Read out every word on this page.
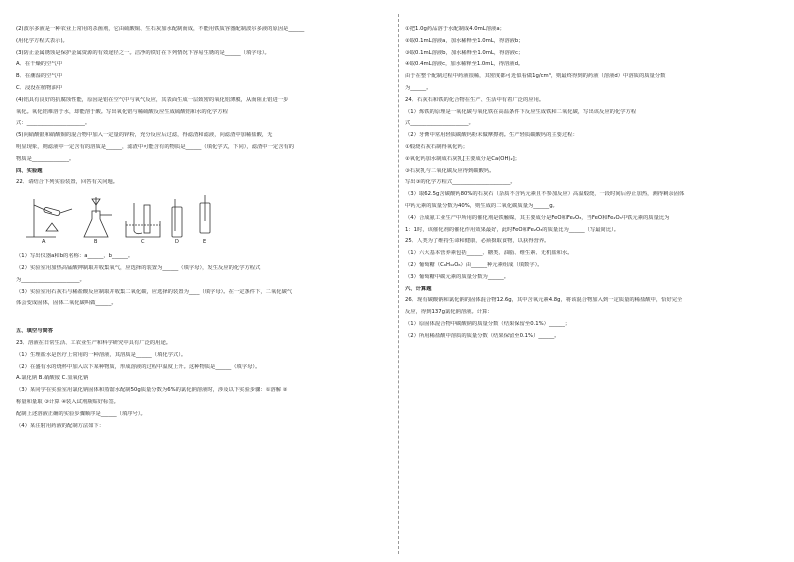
(2)波尔多液是一种农业上常用的杀菌剂，它由硫酸铜、生石灰加水配制而成，不能用铁质容器配制波尔多液的原因是______
(用化学方程式表示)。
(3)防止金属锈蚀是保护金属资源的有效途径之一。洁净的铁钉在下列情况下容易生锈的是______（填字母）。
A．在干燥的空气中
B．在潮湿的空气中
C．浸没在植物油中
(4)铝具有良好的抗腐蚀性能，原因是铝在空气中与氧气反应，其表面生成一层致密的氧化铝薄膜，从而阻止铝进一步
氧化。氧化铝难溶于水，却能溶于酸。写出氧化铝与稀硫酸反应生成硫酸铝和水的化学方程
式：______________________。
(5)向硝酸银和硝酸铜的混合物中加入一定量的锌粉，充分反应后过滤，得滤渣和滤液，向滤渣中加稀盐酸，无
明显现象，则滤液中一定含有的溶质是______，滤渣中可能含有的物质是______（填化学式，下同），滤渣中一定含有的
物质是______________。
四、实验题
22．请结合下列实验装置，回答有关问题。
A	B	C	D	E
（1）写出仪器a和b的名称：a______，b______。
（2）实验室用加热高锰酸钾制取并收集氧气，应选择的装置为______（填字母），发生反应的化学方程式
为______________________。
（3）实验室用石灰石与稀盐酸反应制取并收集二氧化碳，应选择的装置为____（填字母）。在一定条件下，二氧化碳气
体会变成固体，固体二氧化碳叫做______。
五、填空与简答
23．溶液在日常生活、工农业生产和科学研究中具有广泛的用途。
（1）生理盐水是医疗上常用的一种溶液，其溶质是______（填化学式）。
（2）在盛有水的烧杯中加入以下某种物质，形成溶液的过程中温度上升。这种物质是______（填字母）。
A.氯化钠 B.硝酸铵 C.氢氧化钠
（3）某同学在实验室用氯化钠固体和蒸馏水配制50g质量分数为6%的氯化钠溶液时，涉及以下实验步骤：①溶解 ②
称量和量取 ③计算 ④装入试剂瓶贴好标签。
配制上述溶液正确的实验步骤顺序是______（填序号）。
（4）某注射用药液的配制方法如下：
①把1.0g药品溶于水配制成4.0mL溶液a；
②取0.1mL溶液a，加水稀释至1.0mL，得溶液b；
③取0.1mL溶液b，加水稀释至1.0mL，得溶液c；
④取0.4mL溶液c，加水稀释至1.0mL，得溶液d。
由于在整个配制过程中药液很稀，其密度都可近似看做1g/cm³，则最终得到的药液（溶液d）中溶质的质量分数
为______。
24．石灰石和铁的化合物在生产、生活中有着广泛的应用。
（1）炼铁的原理是一氧化碳与氧化铁在高温条件下反应生成铁和二氧化碳，写出该反应的化学方程
式______________________。
（2）牙膏中常用轻质碳酸钙粉末做摩擦剂。生产轻质碳酸钙的主要过程：
①煅烧石灰石制得氧化钙；
②氧化钙加水制成石灰乳[主要成分是Ca(OH)₂]；
③石灰乳与二氧化碳反应得到碳酸钙。
写出③的化学方程式______________________。
（3）取62.5g含碳酸钙80%的石灰石（杂质不含钙元素且不参加反应）高温煅烧，一段时间后停止加热，测得剩余固体
中钙元素的质量分数为40%，则生成的二氧化碳质量为______g。
（4）合成氨工业生产中所用的催化剂是铁触媒，其主要成分是FeO和Fe₂O₃，当FeO和Fe₂O₃中铁元素的质量比为
1：1时，该催化剂的催化作用效果最好，此时FeO和Fe₂O₃的质量比为______（写最简比）。
25．人类为了维持生命和健康，必须摄取食物，以获得营养。
（1）六大基本营养素包括______、糖类、油脂、维生素、无机盐和水。
（2）葡萄糖（C₆H₁₂O₆）由______种元素组成（填数字）。
（3）葡萄糖中碳元素的质量分数为______。
六、计算题
26．现有碳酸钠和氯化钠的固体混合物12.6g，其中含氧元素4.8g，将该混合物加入到一定质量的稀盐酸中，恰好完全
反应，得到137g氯化钠溶液。计算：
（1）原固体混合物中碳酸钠的质量分数（结果保留至0.1%）______；
（2）所用稀盐酸中溶质的质量分数（结果保留至0.1%）______。
